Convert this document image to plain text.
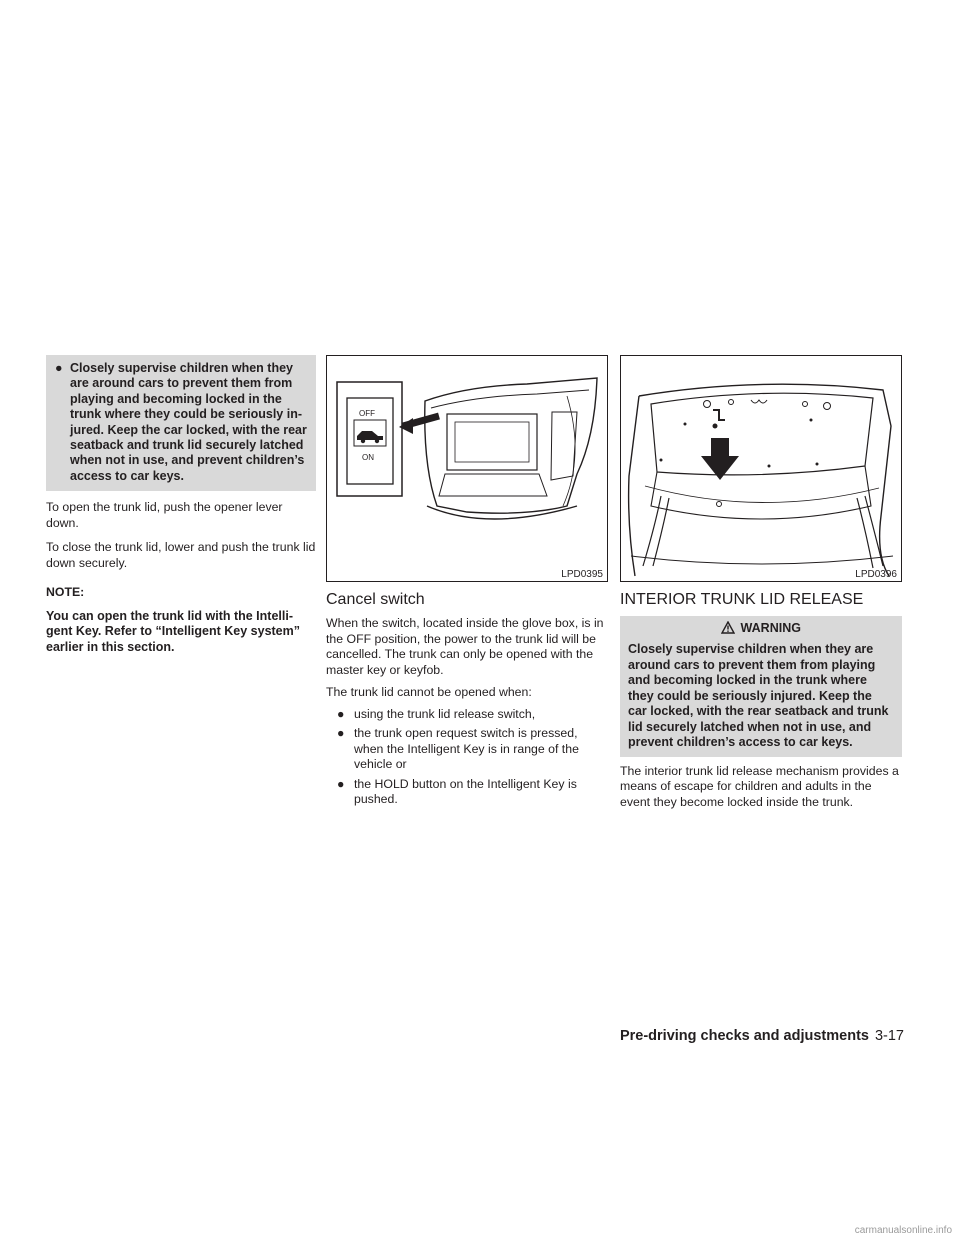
● Closely supervise children when they are around cars to prevent them from playing and becoming locked in the trunk where they could be seriously in-jured. Keep the car locked, with the rear seatback and trunk lid securely latched when not in use, and prevent children’s access to car keys.

To open the trunk lid, push the opener lever down.

To close the trunk lid, lower and push the trunk lid down securely.

NOTE:

You can open the trunk lid with the Intelli-gent Key. Refer to “Intelligent Key system” earlier in this section.

OFF
ON
LPD0395
Cancel switch

When the switch, located inside the glove box, is in the OFF position, the power to the trunk lid will be cancelled. The trunk can only be opened with the master key or keyfob.

The trunk lid cannot be opened when:

● using the trunk lid release switch,
● the trunk open request switch is pressed, when the Intelligent Key is in range of the vehicle or
● the HOLD button on the Intelligent Key is pushed.
LPD0396
INTERIOR TRUNK LID RELEASE
WARNING
Closely supervise children when they are around cars to prevent them from playing and becoming locked in the trunk where they could be seriously injured. Keep the car locked, with the rear seatback and trunk lid securely latched when not in use, and prevent children’s access to car keys.

The interior trunk lid release mechanism provides a means of escape for children and adults in the event they become locked inside the trunk.

Pre-driving checks and adjustments 3-17
carmanualsonline.info
